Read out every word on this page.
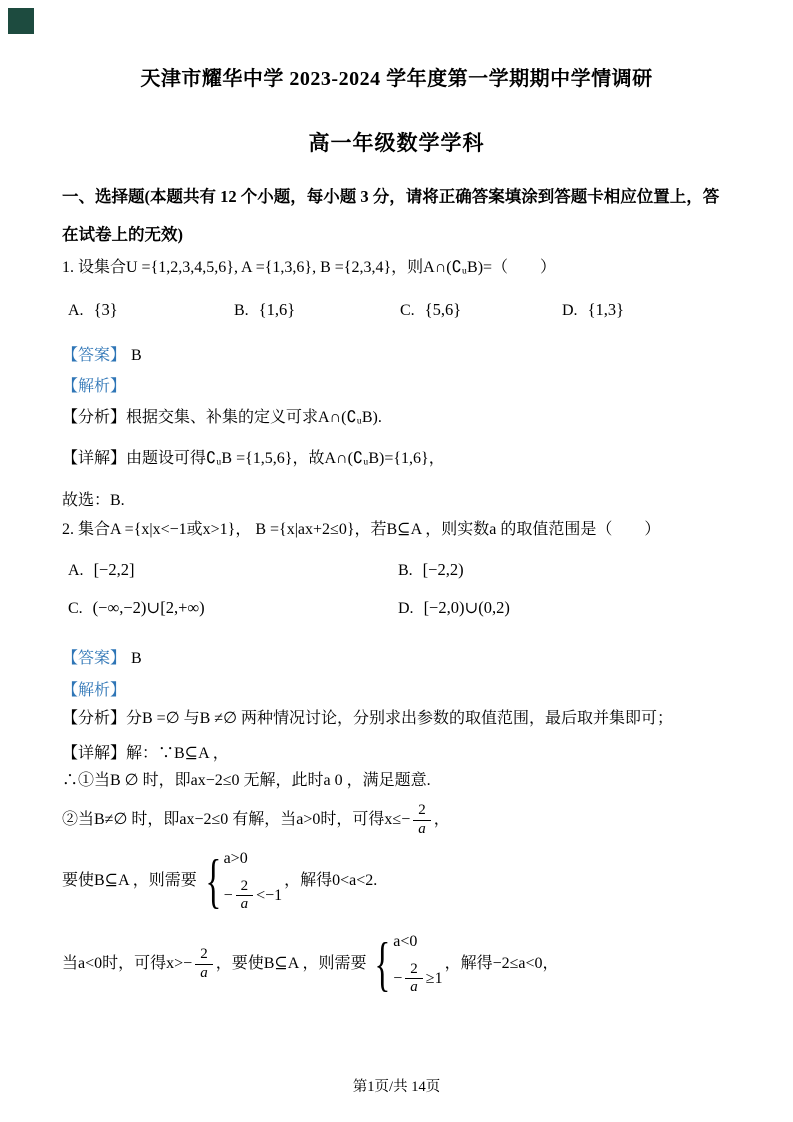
天津市耀华中学 2023-2024 学年度第一学期期中学情调研
高一年级数学学科
一、选择题(本题共有 12 个小题，每小题 3 分，请将正确答案填涂到答题卡相应位置上，答
在试卷上的无效)
1. 设集合U ={1,2,3,4,5,6}, A ={1,3,6}, B ={2,3,4}，则A∩(∁ᵤB)=（　　）
A. {3}	B. {1,6}	C. {5,6}	D. {1,3}
【答案】 B
【解析】
【分析】根据交集、补集的定义可求A∩(∁ᵤB).
【详解】由题设可得∁ᵤB ={1,5,6}，故A∩(∁ᵤB)={1,6}，
故选：B.
2. 集合A ={x|x<−1或x>1}， B ={x|ax+2≤0}，若B⊆A ，则实数a 的取值范围是（　　）
A. [−2,2]	B. [−2,2)
C. (−∞,−2)∪[2,+∞)	D. [−2,0)∪(0,2)
【答案】 B
【解析】
【分析】分B =∅ 与B ≠∅ 两种情况讨论，分别求出参数的取值范围，最后取并集即可；
【详解】解：∵B⊆A ，
∴①当B ∅ 时，即ax−2≤0 无解，此时a 0 ，满足题意.
②当B≠∅ 时，即ax−2≤0 有解，当a>0时，可得$x\le- \frac{2}{a}$ ，
要使B⊆A ，则需要 { a>0
− $\frac{2}{a} <-1$
，解得0<a<2.
当a<0时，可得$x>- \frac{2}{a}$ ，要使B⊆A ，则需要 { a<0
− $\frac{2}{a} \ge 1$
，解得−2≤a<0，
第1页/共 14页
